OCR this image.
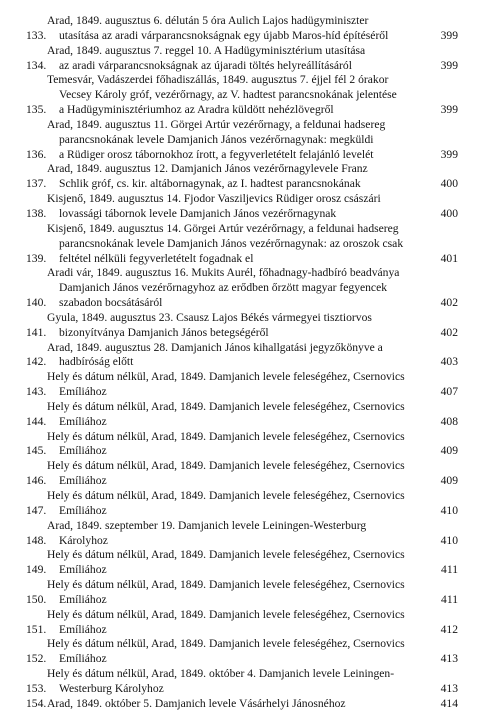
133.
Arad, 1849. augusztus 6. délután 5 óra Aulich Lajos hadügyminiszter
utasítása az aradi várparancsnokságnak egy újabb Maros-híd építéséről	399
134.
Arad, 1849. augusztus 7. reggel 10. A Hadügyminisztérium utasítása
az aradi várparancsnokságnak az újaradi töltés helyreállításáról	399
135.
Temesvár, Vadászerdei főhadiszállás, 1849. augusztus 7. éjjel fél 2 órakor
Vecsey Károly gróf, vezérőrnagy, az V. hadtest parancsnokának jelentése
a Hadügyminisztériumhoz az Aradra küldött nehézlövegről	399
136.
Arad, 1849. augusztus 11. Görgei Artúr vezérőrnagy, a feldunai hadsereg
parancsnokának levele Damjanich János vezérőrnagynak: megküldi
a Rüdiger orosz tábornokhoz írott, a fegyverletételt felajánló levelét	399
137.
Arad, 1849. augusztus 12. Damjanich János vezérőrnagylevele Franz
Schlik gróf, cs. kir. altábornagynak, az I. hadtest parancsnokának	400
138.
Kisjenő, 1849. augusztus 14. Fjodor Vasziljevics Rüdiger orosz császári
lovassági tábornok levele Damjanich János vezérőrnagynak	400
139.
Kisjenő, 1849. augusztus 14. Görgei Artúr vezérőrnagy, a feldunai hadsereg
parancsnokának levele Damjanich János vezérőrnagynak: az oroszok csak
feltétel nélküli fegyverletételt fogadnak el	401
140.
Aradi vár, 1849. augusztus 16. Mukits Aurél, főhadnagy-hadbíró beadványa
Damjanich János vezérőrnagyhoz az erődben őrzött magyar fegyencek
szabadon bocsátásáról	402
141.
Gyula, 1849. augusztus 23. Csausz Lajos Békés vármegyei tisztiorvos
bizonyítványa Damjanich János betegségéről	402
142.
Arad, 1849. augusztus 28. Damjanich János kihallgatási jegyzőkönyve a
hadbíróság előtt	403
143.
Hely és dátum nélkül, Arad, 1849. Damjanich levele feleségéhez, Csernovics
Emíliához	407
144.
Hely és dátum nélkül, Arad, 1849. Damjanich levele feleségéhez, Csernovics
Emíliához	408
145.
Hely és dátum nélkül, Arad, 1849. Damjanich levele feleségéhez, Csernovics
Emíliához	409
146.
Hely és dátum nélkül, Arad, 1849. Damjanich levele feleségéhez, Csernovics
Emíliához	409
147.
Hely és dátum nélkül, Arad, 1849. Damjanich levele feleségéhez, Csernovics
Emíliához	410
148.
Arad, 1849. szeptember 19. Damjanich levele Leiningen-Westerburg
Károlyhoz	410
149.
Hely és dátum nélkül, Arad, 1849. Damjanich levele feleségéhez, Csernovics
Emíliához	411
150.
Hely és dátum nélkül, Arad, 1849. Damjanich levele feleségéhez, Csernovics
Emíliához	411
151.
Hely és dátum nélkül, Arad, 1849. Damjanich levele feleségéhez, Csernovics
Emíliához	412
152.
Hely és dátum nélkül, Arad, 1849. Damjanich levele feleségéhez, Csernovics
Emíliához	413
153.
Hely és dátum nélkül, Arad, 1849. október 4. Damjanich levele Leiningen-
Westerburg Károlyhoz	413
154. Arad, 1849. október 5. Damjanich levele Vásárhelyi Jánosnéhoz	414
